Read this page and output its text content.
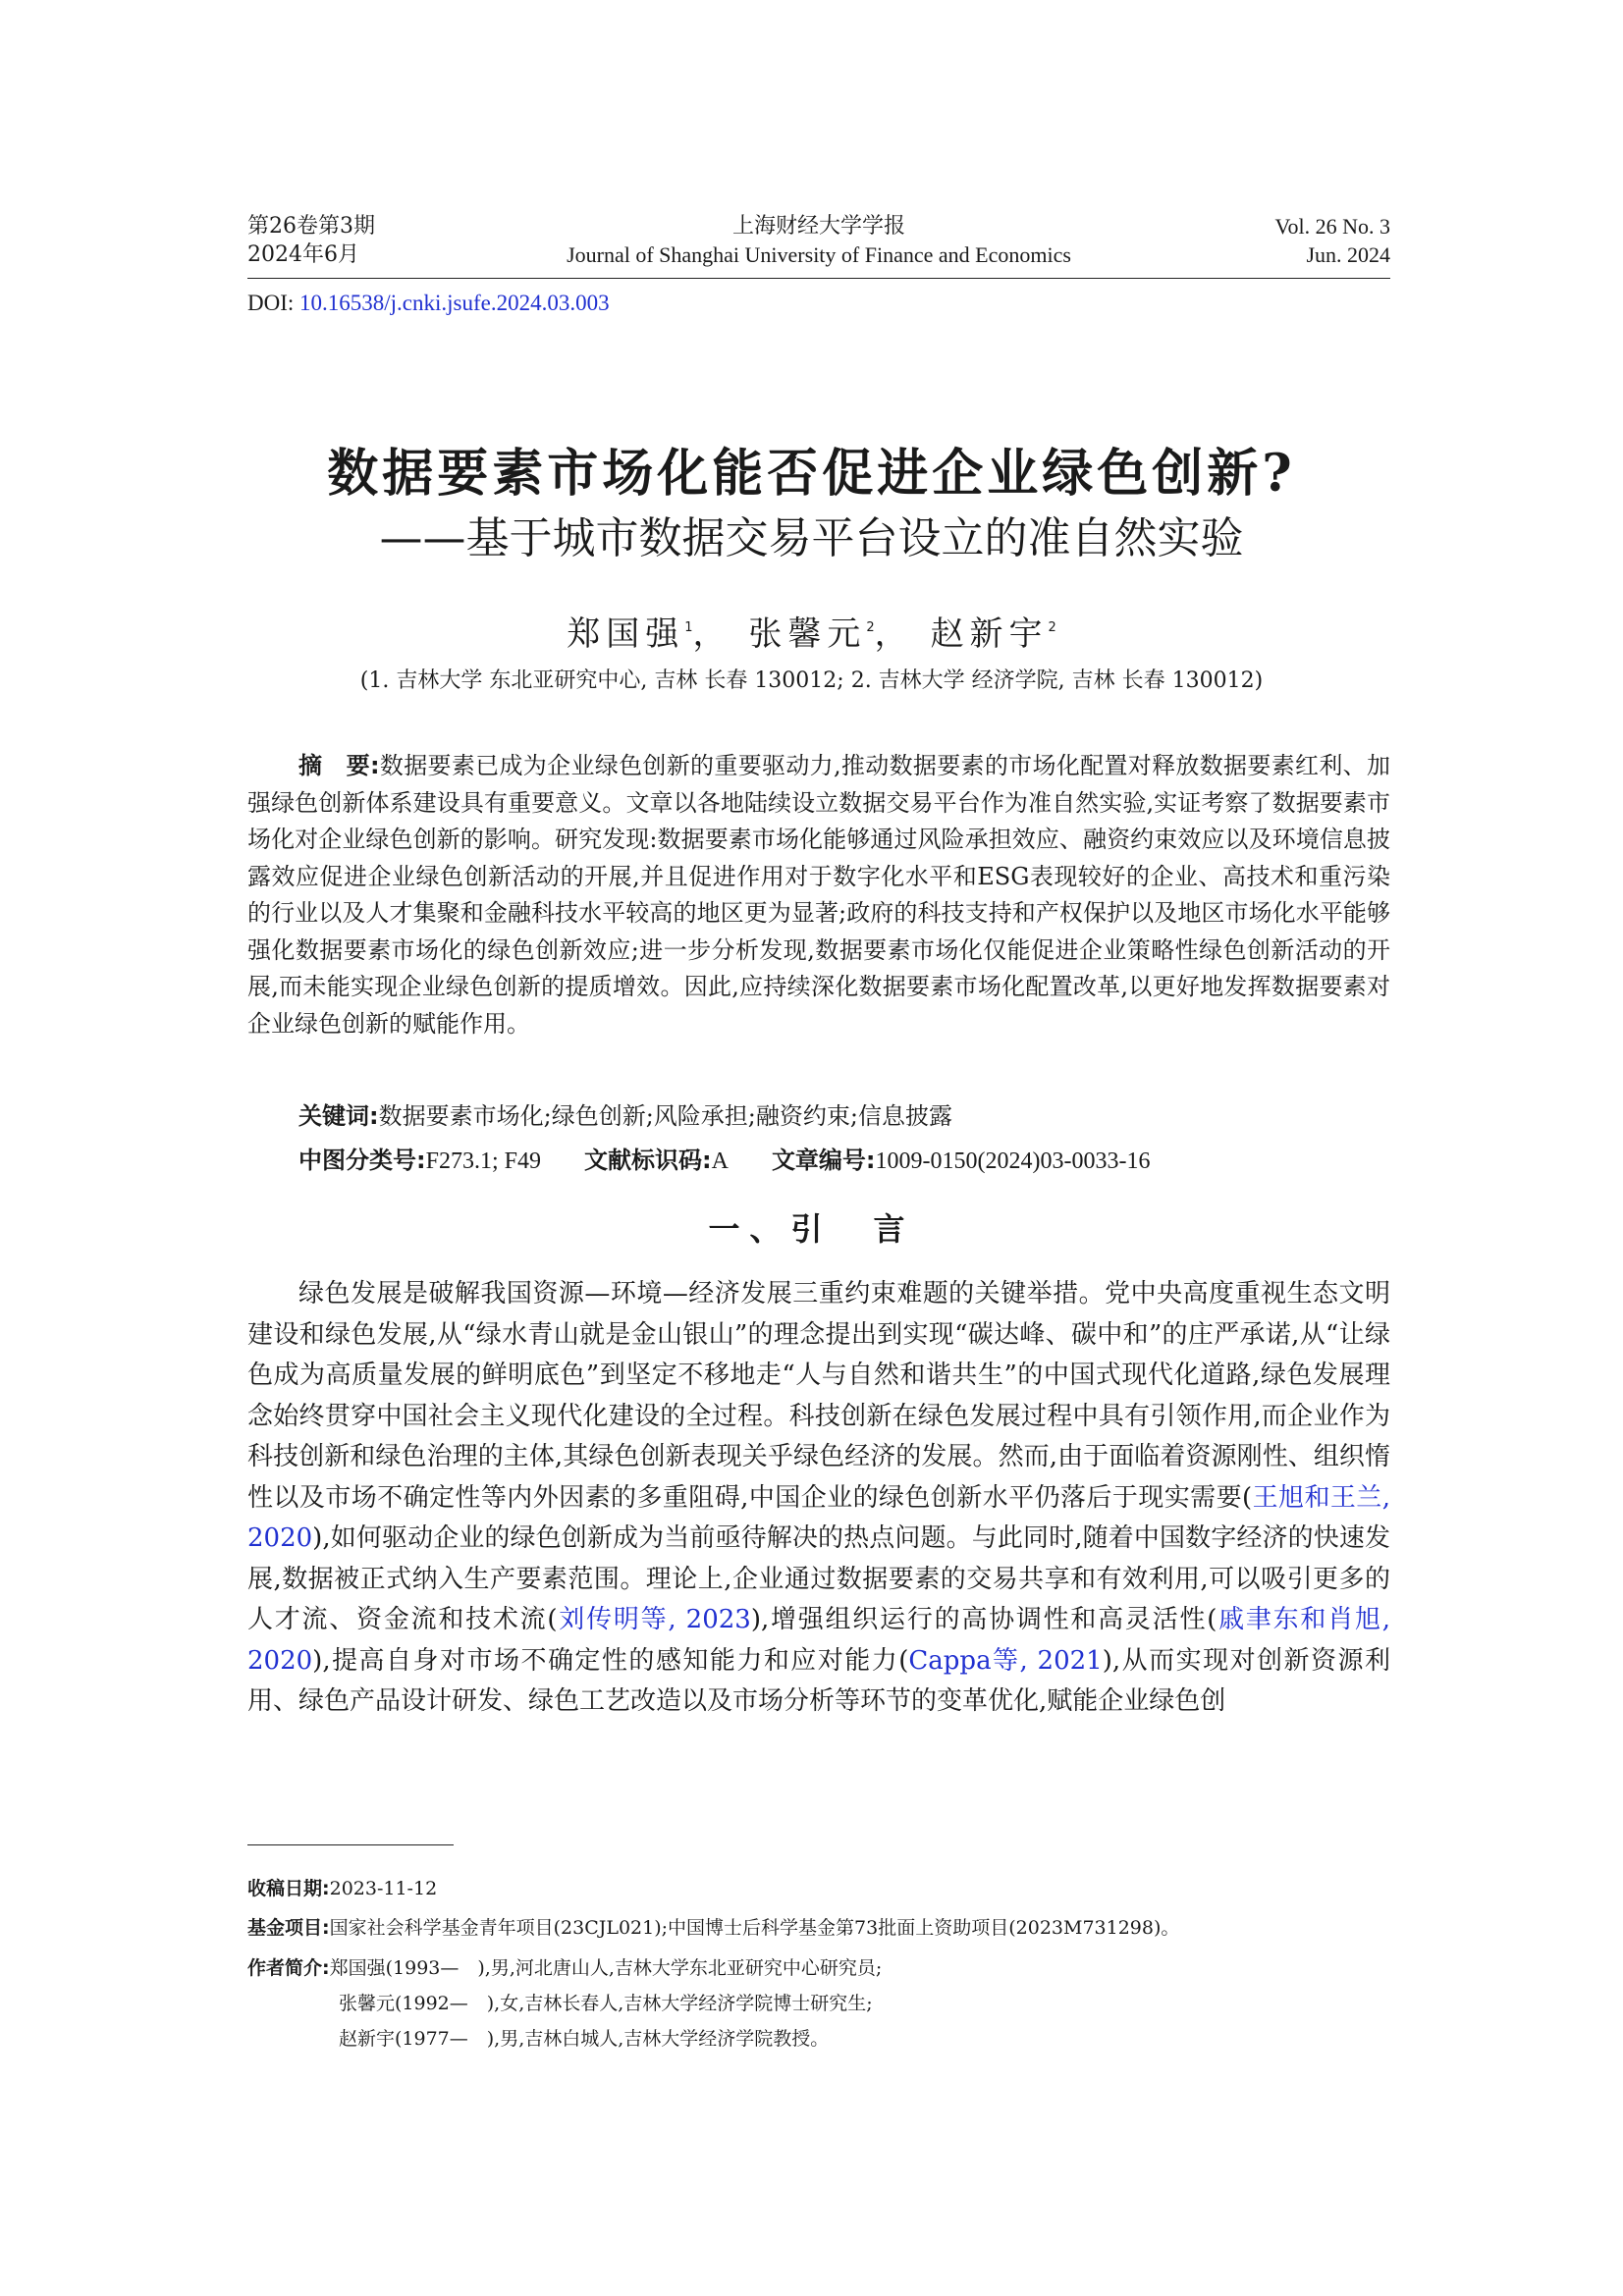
第26卷第3期
2024年6月
上海财经大学学报
Journal of Shanghai University of Finance and Economics
Vol. 26 No. 3
Jun. 2024
DOI: 10.16538/j.cnki.jsufe.2024.03.003
数据要素市场化能否促进企业绿色创新?
——基于城市数据交易平台设立的准自然实验
郑国强$^1$， 张馨元$^2$， 赵新宇$^2$
(1. 吉林大学 东北亚研究中心, 吉林 长春 130012; 2. 吉林大学 经济学院, 吉林 长春 130012)
摘　要:数据要素已成为企业绿色创新的重要驱动力,推动数据要素的市场化配置对释放数据要素红利、加强绿色创新体系建设具有重要意义。文章以各地陆续设立数据交易平台作为准自然实验,实证考察了数据要素市场化对企业绿色创新的影响。研究发现:数据要素市场化能够通过风险承担效应、融资约束效应以及环境信息披露效应促进企业绿色创新活动的开展,并且促进作用对于数字化水平和ESG表现较好的企业、高技术和重污染的行业以及人才集聚和金融科技水平较高的地区更为显著;政府的科技支持和产权保护以及地区市场化水平能够强化数据要素市场化的绿色创新效应;进一步分析发现,数据要素市场化仅能促进企业策略性绿色创新活动的开展,而未能实现企业绿色创新的提质增效。因此,应持续深化数据要素市场化配置改革,以更好地发挥数据要素对企业绿色创新的赋能作用。
关键词:数据要素市场化;绿色创新;风险承担;融资约束;信息披露
中图分类号:F273.1; F49 文献标识码:A 文章编号:1009-0150(2024)03-0033-16
一、引　言
绿色发展是破解我国资源—环境—经济发展三重约束难题的关键举措。党中央高度重视生态文明建设和绿色发展,从“绿水青山就是金山银山”的理念提出到实现“碳达峰、碳中和”的庄严承诺,从“让绿色成为高质量发展的鲜明底色”到坚定不移地走“人与自然和谐共生”的中国式现代化道路,绿色发展理念始终贯穿中国社会主义现代化建设的全过程。科技创新在绿色发展过程中具有引领作用,而企业作为科技创新和绿色治理的主体,其绿色创新表现关乎绿色经济的发展。然而,由于面临着资源刚性、组织惰性以及市场不确定性等内外因素的多重阻碍,中国企业的绿色创新水平仍落后于现实需要(王旭和王兰, 2020),如何驱动企业的绿色创新成为当前亟待解决的热点问题。与此同时,随着中国数字经济的快速发展,数据被正式纳入生产要素范围。理论上,企业通过数据要素的交易共享和有效利用,可以吸引更多的人才流、资金流和技术流(刘传明等, 2023),增强组织运行的高协调性和高灵活性(戚聿东和肖旭, 2020),提高自身对市场不确定性的感知能力和应对能力(Cappa等, 2021),从而实现对创新资源利用、绿色产品设计研发、绿色工艺改造以及市场分析等环节的变革优化,赋能企业绿色创
收稿日期:2023-11-12
基金项目:国家社会科学基金青年项目(23CJL021);中国博士后科学基金第73批面上资助项目(2023M731298)。
作者简介:郑国强(1993—　),男,河北唐山人,吉林大学东北亚研究中心研究员;
张馨元(1992—　),女,吉林长春人,吉林大学经济学院博士研究生;
赵新宇(1977—　),男,吉林白城人,吉林大学经济学院教授。
